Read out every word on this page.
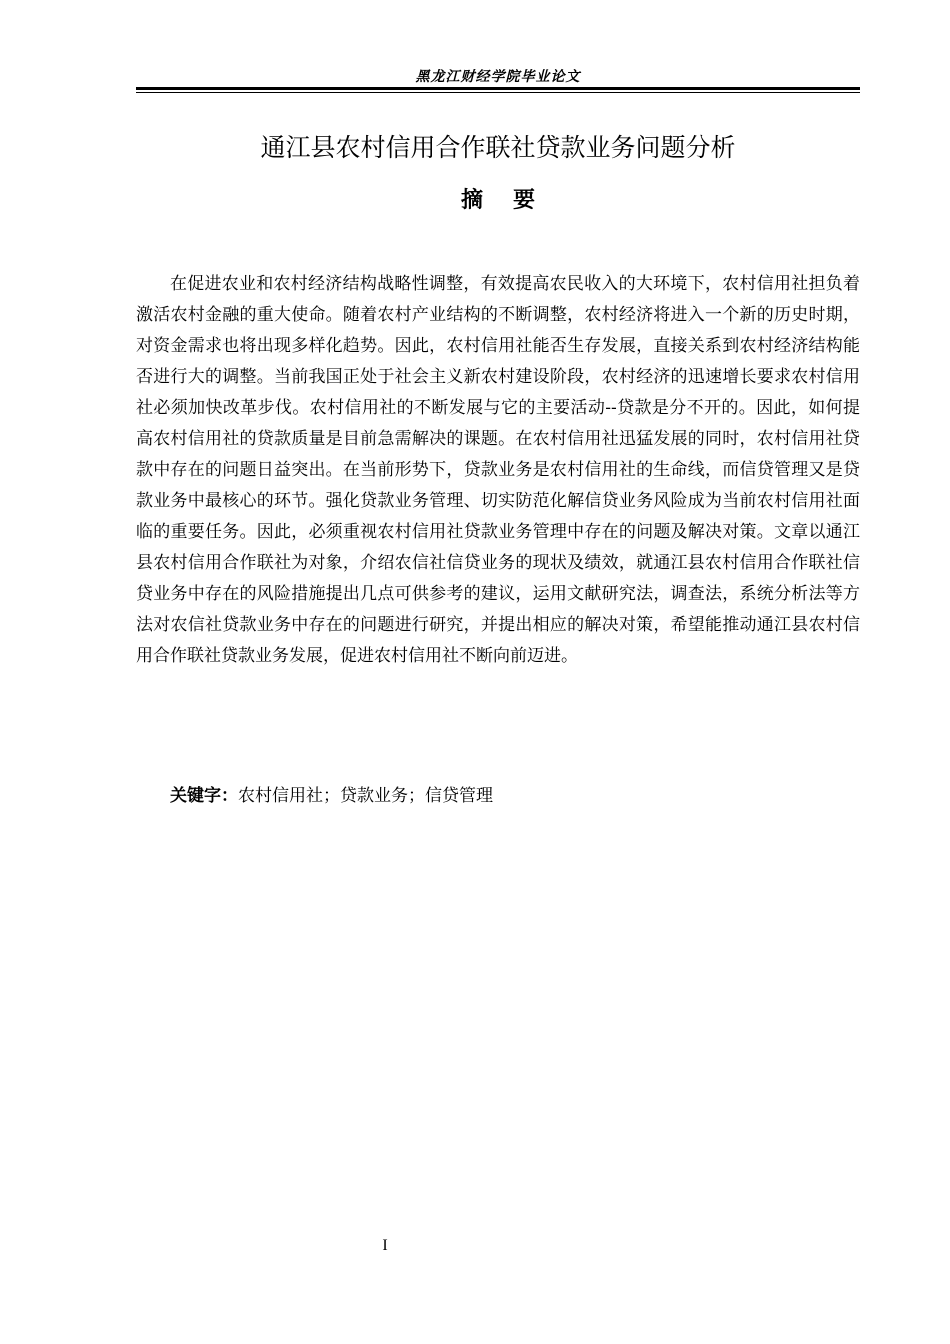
黑龙江财经学院毕业论文
通江县农村信用合作联社贷款业务问题分析
摘要

在促进农业和农村经济结构战略性调整，有效提高农民收入的大环境下，农村信用社担负着激活农村金融的重大使命。随着农村产业结构的不断调整，农村经济将进入一个新的历史时期，对资金需求也将出现多样化趋势。因此，农村信用社能否生存发展，直接关系到农村经济结构能否进行大的调整。当前我国正处于社会主义新农村建设阶段，农村经济的迅速增长要求农村信用社必须加快改革步伐。农村信用社的不断发展与它的主要活动--贷款是分不开的。因此，如何提高农村信用社的贷款质量是目前急需解决的课题。在农村信用社迅猛发展的同时，农村信用社贷款中存在的问题日益突出。在当前形势下，贷款业务是农村信用社的生命线，而信贷管理又是贷款业务中最核心的环节。强化贷款业务管理、切实防范化解信贷业务风险成为当前农村信用社面临的重要任务。因此，必须重视农村信用社贷款业务管理中存在的问题及解决对策。文章以通江县农村信用合作联社为对象，介绍农信社信贷业务的现状及绩效，就通江县农村信用合作联社信贷业务中存在的风险措施提出几点可供参考的建议，运用文献研究法，调查法，系统分析法等方法对农信社贷款业务中存在的问题进行研究，并提出相应的解决对策，希望能推动通江县农村信用合作联社贷款业务发展，促进农村信用社不断向前迈进。

关键字：农村信用社；贷款业务；信贷管理
I
